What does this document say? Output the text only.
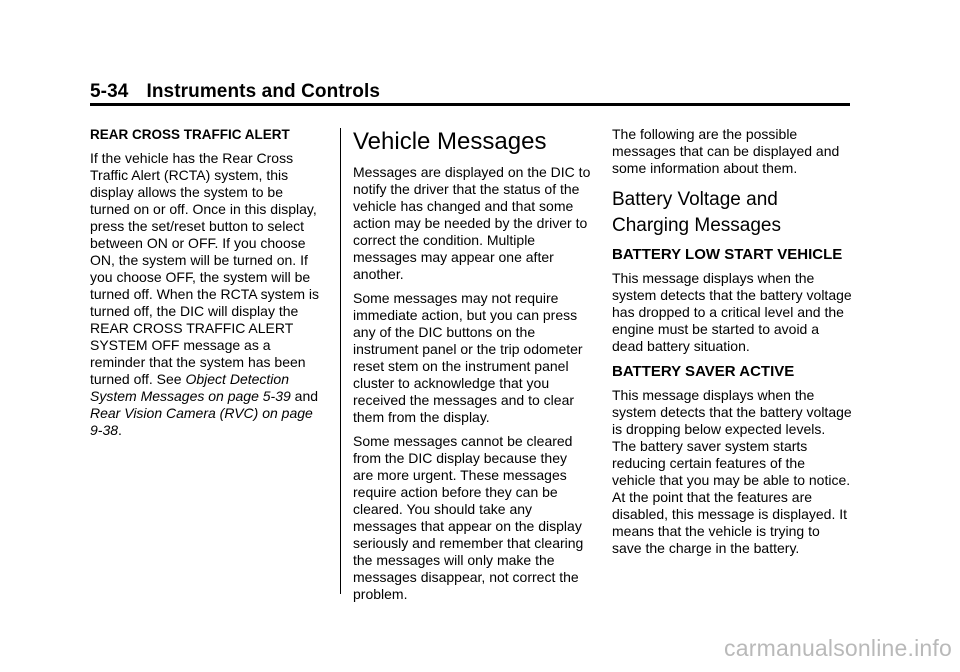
5-34 Instruments and Controls
REAR CROSS TRAFFIC ALERT

If the vehicle has the Rear Cross Traffic Alert (RCTA) system, this display allows the system to be turned on or off. Once in this display, press the set/reset button to select between ON or OFF. If you choose ON, the system will be turned on. If you choose OFF, the system will be turned off. When the RCTA system is turned off, the DIC will display the REAR CROSS TRAFFIC ALERT SYSTEM OFF message as a reminder that the system has been turned off. See Object Detection System Messages on page 5-39 and Rear Vision Camera (RVC) on page 9-38.

Vehicle Messages

Messages are displayed on the DIC to notify the driver that the status of the vehicle has changed and that some action may be needed by the driver to correct the condition. Multiple messages may appear one after another.

Some messages may not require immediate action, but you can press any of the DIC buttons on the instrument panel or the trip odometer reset stem on the instrument panel cluster to acknowledge that you received the messages and to clear them from the display.

Some messages cannot be cleared from the DIC display because they are more urgent. These messages require action before they can be cleared. You should take any messages that appear on the display seriously and remember that clearing the messages will only make the messages disappear, not correct the problem.

The following are the possible messages that can be displayed and some information about them.

Battery Voltage and Charging Messages
BATTERY LOW START VEHICLE

This message displays when the system detects that the battery voltage has dropped to a critical level and the engine must be started to avoid a dead battery situation.

BATTERY SAVER ACTIVE

This message displays when the system detects that the battery voltage is dropping below expected levels. The battery saver system starts reducing certain features of the vehicle that you may be able to notice. At the point that the features are disabled, this message is displayed. It means that the vehicle is trying to save the charge in the battery.

carmanualsonline.info
